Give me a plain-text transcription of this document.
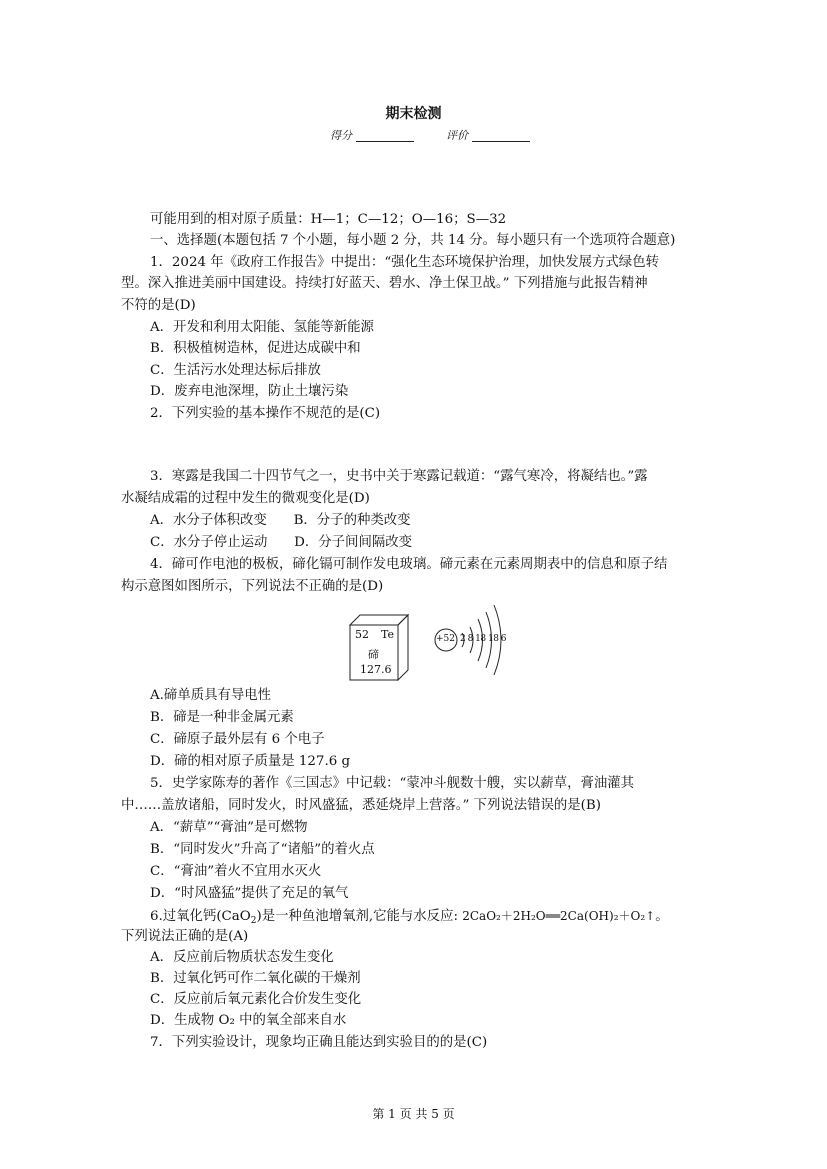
期末检测
得分	评价
可能用到的相对原子质量：H—1；C—12；O—16；S—32
一、选择题(本题包括 7 个小题，每小题 2 分，共 14 分。每小题只有一个选项符合题意)
1．2024 年《政府工作报告》中提出：“强化生态环境保护治理，加快发展方式绿色转
型。深入推进美丽中国建设。持续打好蓝天、碧水、净土保卫战。” 下列措施与此报告精神
不符的是(D)
A．开发和利用太阳能、氢能等新能源
B．积极植树造林，促进达成碳中和
C．生活污水处理达标后排放
D．废弃电池深埋，防止土壤污染
2．下列实验的基本操作不规范的是(C)
3．寒露是我国二十四节气之一，史书中关于寒露记载道：“露气寒冷，将凝结也。”露
水凝结成霜的过程中发生的微观变化是(D)
A．水分子体积改变　　B．分子的种类改变
C．水分子停止运动　　D．分子间间隔改变
4．碲可作电池的极板，碲化镉可制作发电玻璃。碲元素在元素周期表中的信息和原子结
构示意图如图所示，下列说法不正确的是(D)
52 Te
碲
127.6
+52 2 8 18 18 6
A.碲单质具有导电性
B．碲是一种非金属元素
C．碲原子最外层有 6 个电子
D．碲的相对原子质量是 127.6 g
5．史学家陈寿的著作《三国志》中记载：“蒙冲斗舰数十艘，实以薪草，膏油灌其
中……盖放诸船，同时发火，时风盛猛，悉延烧岸上营落。” 下列说法错误的是(B)
A．“薪草”“膏油”是可燃物
B．“同时发火”升高了“诸船”的着火点
C．“膏油”着火不宜用水灭火
D．“时风盛猛”提供了充足的氧气
6.过氧化钙(CaO$_2$)是一种鱼池增氧剂,它能与水反应: 2CaO₂＋2H₂O══2Ca(OH)₂＋O₂↑。
下列说法正确的是(A)
A．反应前后物质状态发生变化
B．过氧化钙可作二氧化碳的干燥剂
C．反应前后氧元素化合价发生变化
D．生成物 O₂ 中的氧全部来自水
7．下列实验设计，现象均正确且能达到实验目的的是(C)
第 1 页 共 5 页
